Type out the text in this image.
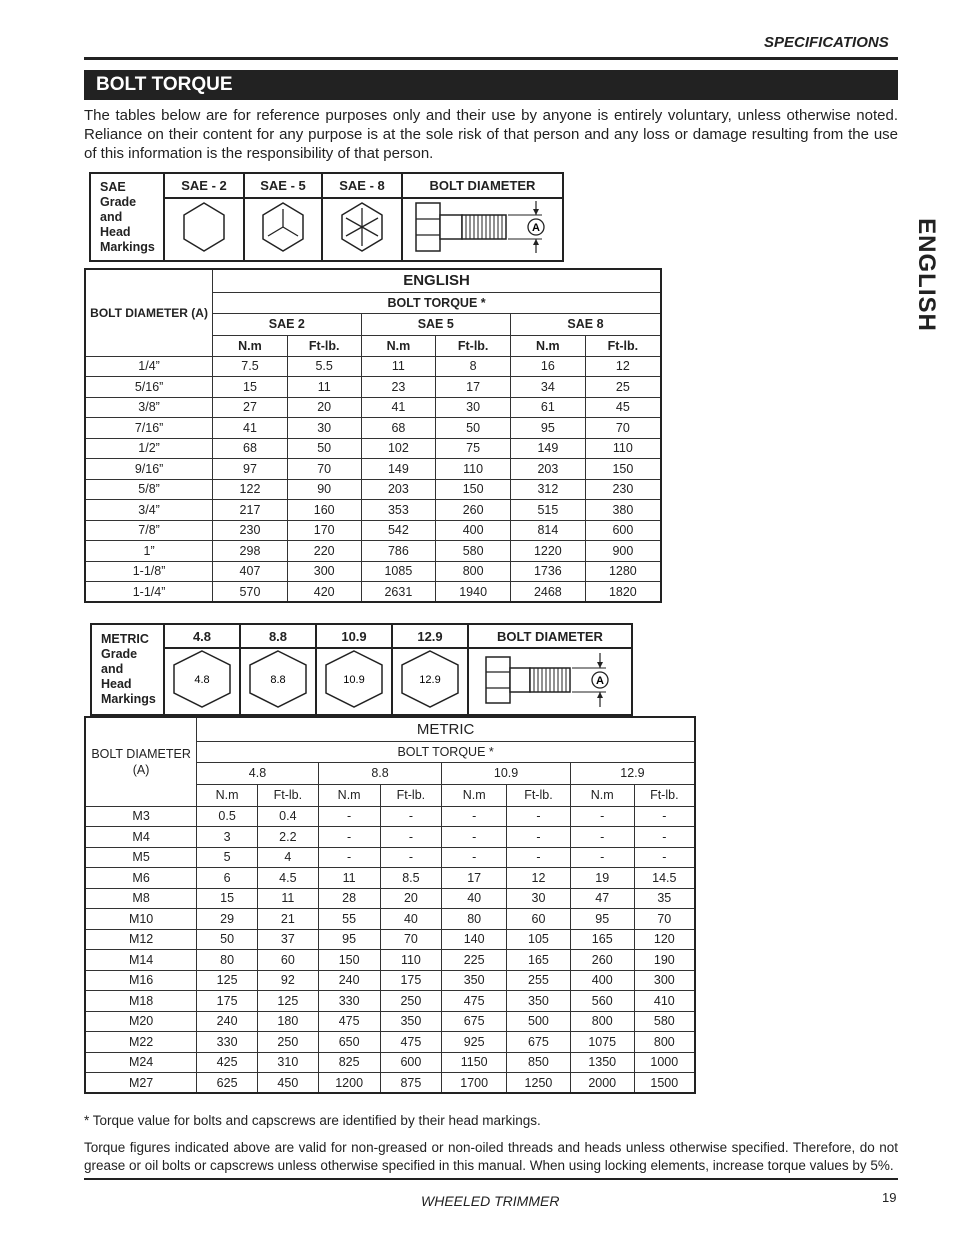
SPECIFICATIONS
BOLT TORQUE
The tables below are for reference purposes only and their use by anyone is entirely voluntary, unless otherwise noted. Reliance on their content for any purpose is at the sole risk of that person and any loss or damage resulting from the use of this information is the responsibility of that person.
ENGLISH
SAE
Grade
and
Head
Markings	SAE - 2	SAE - 5	SAE - 8	BOLT DIAMETER

A
BOLT DIAMETER (A)	ENGLISH					
	BOLT TORQUE *					
	SAE 2		SAE 5		SAE 8	
	N.m	Ft-lb.	N.m	Ft-lb.	N.m	Ft-lb.
1/4”	7.5	5.5	11	8	16	12
5/16”	15	11	23	17	34	25
3/8”	27	20	41	30	61	45
7/16”	41	30	68	50	95	70
1/2”	68	50	102	75	149	110
9/16”	97	70	149	110	203	150
5/8”	122	90	203	150	312	230
3/4”	217	160	353	260	515	380
7/8”	230	170	542	400	814	600
1”	298	220	786	580	1220	900
1-1/8”	407	300	1085	800	1736	1280
1-1/4”	570	420	2631	1940	2468	1820
METRIC
Grade
and
Head
Markings	4.8	8.8	10.9	12.9	BOLT DIAMETER

4.8	8.8	10.9	12.9	A
BOLT DIAMETER (A)	METRIC							
	BOLT TORQUE *							
	4.8		8.8		10.9		12.9	
	N.m	Ft-lb.	N.m	Ft-lb.	N.m	Ft-lb.	N.m	Ft-lb.
M3	0.5	0.4	-	-	-	-	-	-
M4	3	2.2	-	-	-	-	-	-
M5	5	4	-	-	-	-	-	-
M6	6	4.5	11	8.5	17	12	19	14.5
M8	15	11	28	20	40	30	47	35
M10	29	21	55	40	80	60	95	70
M12	50	37	95	70	140	105	165	120
M14	80	60	150	110	225	165	260	190
M16	125	92	240	175	350	255	400	300
M18	175	125	330	250	475	350	560	410
M20	240	180	475	350	675	500	800	580
M22	330	250	650	475	925	675	1075	800
M24	425	310	825	600	1150	850	1350	1000
M27	625	450	1200	875	1700	1250	2000	1500
* Torque value for bolts and capscrews are identified by their head markings.
Torque figures indicated above are valid for non-greased or non-oiled threads and heads unless otherwise specified. Therefore, do not grease or oil bolts or capscrews unless otherwise specified in this manual. When using locking elements, increase torque values by 5%.
WHEELED TRIMMER	19
